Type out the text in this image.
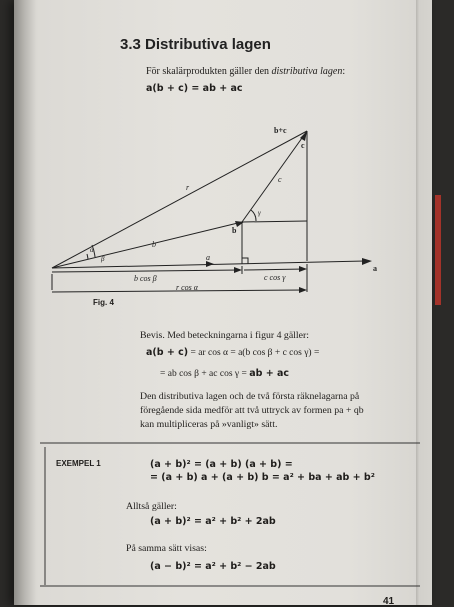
3.3 Distributiva lagen
För skalärprodukten gäller den distributiva lagen:
a(b + c) = ab + ac
b+c
c
c
r
α
β
γ
b
b
a
a
b cos β	c cos γ
r cos α
Fig. 4
Bevis. Med beteckningarna i figur 4 gäller:
a(b + c) = ar cos α = a(b cos β + c cos γ) =
= ab cos β + ac cos γ = ab + ac
Den distributiva lagen och de två första räknelagarna på
föregående sida medför att två uttryck av formen pa + qb
kan multipliceras på »vanligt» sätt.
EXEMPEL 1	(a + b)² = (a + b) (a + b) =
= (a + b) a + (a + b) b = a² + ba + ab + b²
Alltså gäller:
(a + b)² = a² + b² + 2ab
På samma sätt visas:
(a − b)² = a² + b² − 2ab
41
